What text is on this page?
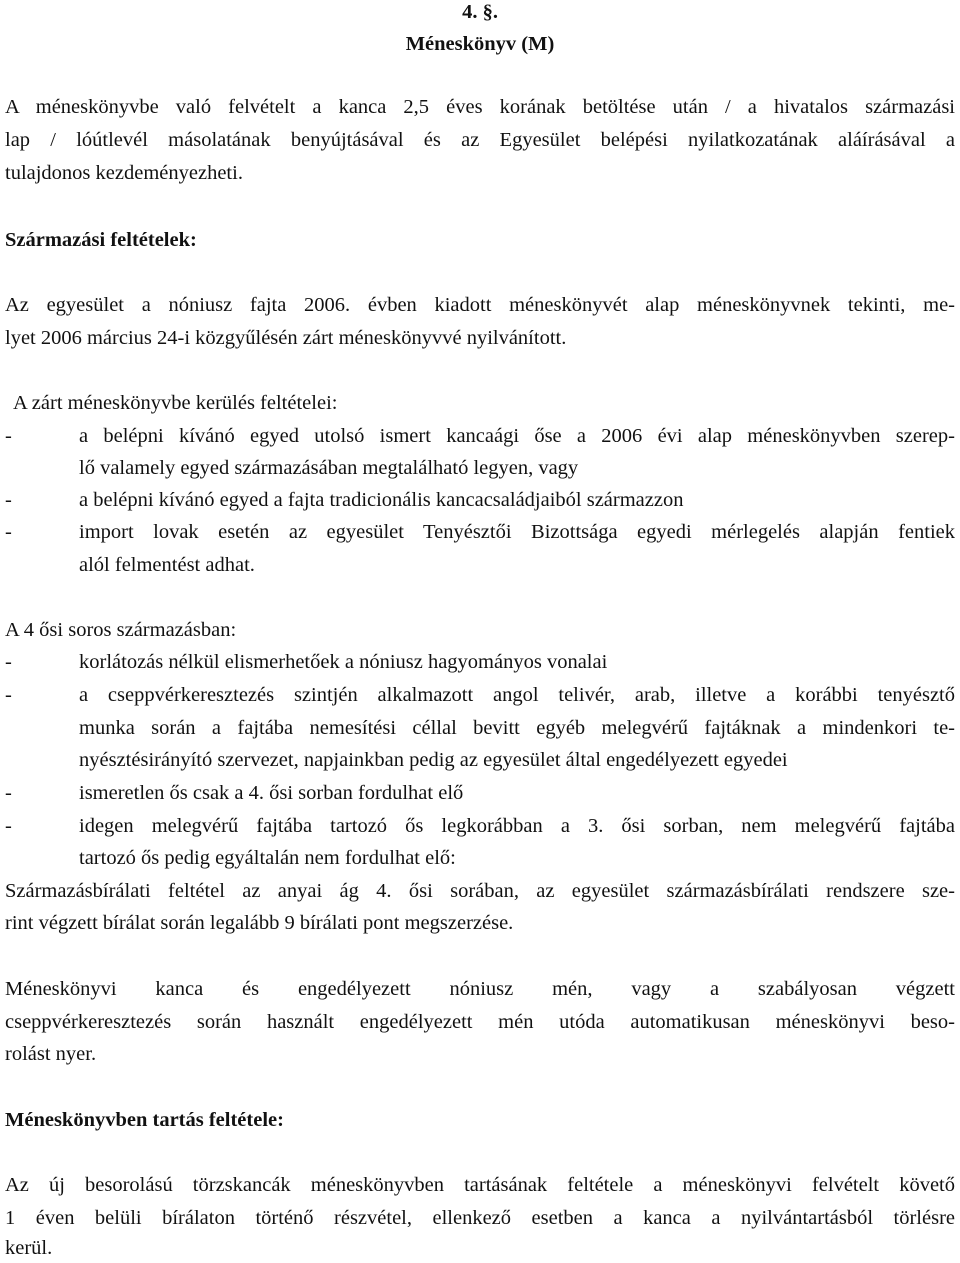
4. §.
Méneskönyv (M)
A méneskönyvbe való felvételt a kanca 2,5 éves korának betöltése után / a hivatalos származási
lap / lóútlevél másolatának benyújtásával és az Egyesület belépési nyilatkozatának aláírásával a
tulajdonos kezdeményezheti.
Származási feltételek:
Az egyesület a nóniusz fajta 2006. évben kiadott méneskönyvét alap méneskönyvnek tekinti, me-
lyet 2006 március 24-i közgyűlésén zárt méneskönyvvé nyilvánított.
A zárt méneskönyvbe kerülés feltételei:
-	a belépni kívánó egyed utolsó ismert kancaági őse a 2006 évi alap méneskönyvben szerep-
lő valamely egyed származásában megtalálható legyen, vagy
-	a belépni kívánó egyed a fajta tradicionális kancacsaládjaiból származzon
-	import lovak esetén az egyesület Tenyésztői Bizottsága egyedi mérlegelés alapján fentiek
alól felmentést adhat.
A 4 ősi soros származásban:
-	korlátozás nélkül elismerhetőek a nóniusz hagyományos vonalai
-	a cseppvérkeresztezés szintjén alkalmazott angol telivér, arab, illetve a korábbi tenyésztő
munka során a fajtába nemesítési céllal bevitt egyéb melegvérű fajtáknak a mindenkori te-
nyésztésirányító szervezet, napjainkban pedig az egyesület által engedélyezett egyedei
-	ismeretlen ős csak a 4. ősi sorban fordulhat elő
-	idegen melegvérű fajtába tartozó ős legkorábban a 3. ősi sorban, nem melegvérű fajtába
tartozó ős pedig egyáltalán nem fordulhat elő:
Származásbírálati feltétel az anyai ág 4. ősi sorában, az egyesület származásbírálati rendszere sze-
rint végzett bírálat során legalább 9 bírálati pont megszerzése.
Méneskönyvi kanca és engedélyezett nóniusz mén, vagy a szabályosan végzett
cseppvérkeresztezés során használt engedélyezett mén utóda automatikusan méneskönyvi beso-
rolást nyer.
Méneskönyvben tartás feltétele:
Az új besorolású törzskancák méneskönyvben tartásának feltétele a méneskönyvi felvételt követő
1 éven belüli bírálaton történő részvétel, ellenkező esetben a kanca a nyilvántartásból törlésre
kerül.
